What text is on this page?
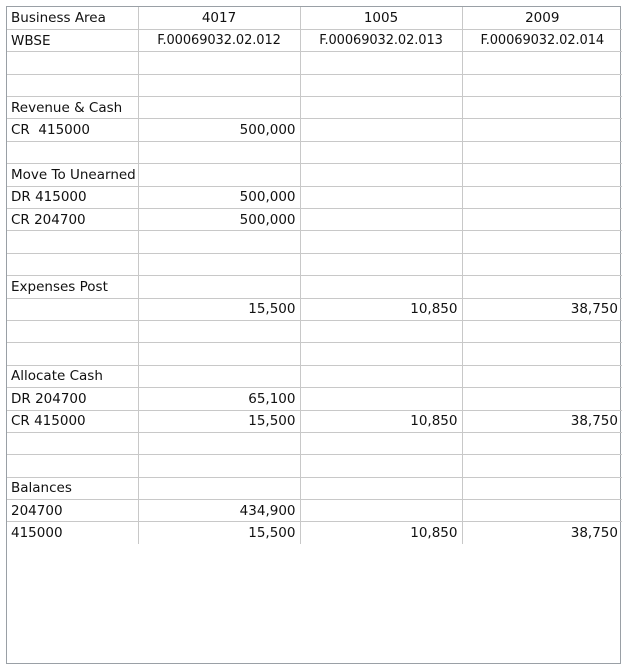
Business Area	4017	1005	2009
WBSE	F.00069032.02.012	F.00069032.02.013	F.00069032.02.014

Revenue & Cash			
CR  415000	500,000		

Move To Unearned			
DR 415000	500,000		
CR 204700	500,000		

Expenses Post			
	15,500	10,850	38,750

Allocate Cash			
DR 204700	65,100		
CR 415000	15,500	10,850	38,750

Balances			
204700	434,900		
415000	15,500	10,850	38,750
